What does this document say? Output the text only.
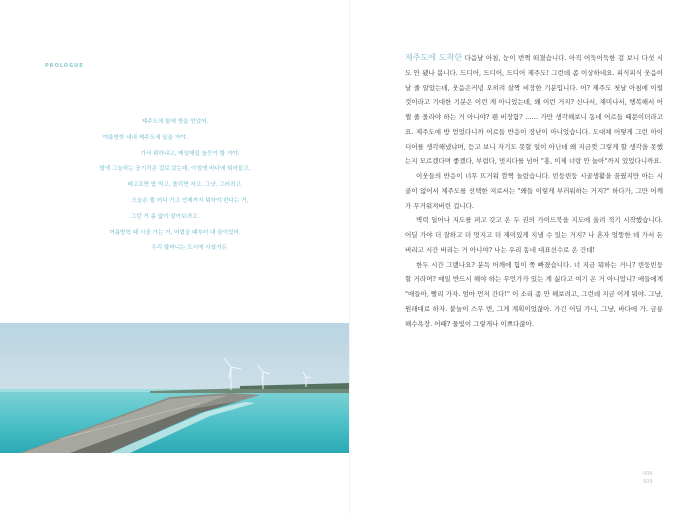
PROLOGUE
제주도에 왔에 방을 얻었어.
여름방학 내내 제주도에 있을 거야.
가서 뭐하냐고, 매일매일 놀듯이 할 거야.
밤에 그늘하는 공기작은 걸로 갔는데, 아침엔 바다에 뛰어들고,
배고프면 밥 먹고, 졸리면 자고, 그냥, 그러려고.
오늘은 뭘 어디 가고 언제까지 뭐하야 한다는 거,
그런 거 좀 없이 살아보려고.
여름방학 때 시골 가는 거, 어렸을 때부터 내 꿈이었어.
우리 할머니는 도시에 사셨거든.

제주도에 도착한 다음날 아침, 눈이 번쩍 떠졌습니다. 아직 어둑어둑한 걸 보니 다섯 시도 안 됐나 봅니다. 드디어, 드디어, 드디어 제주도! 그런데 좀 이상하네요. 피식피식 웃음이 날 줄 알았는데, 웃음은커녕 오히려 살짝 비장한 기분입니다. 어? 제주도 첫날 아침에 이럴 것이라고 기대한 기분은 이런 게 아니었는데, 왜 이런 거지? 신나서, 재미나서, 행복해서 어쩔 줄 몰라야 하는 거 아니야? 웬 비장함? …… 가만 생각해보니 동네 어르들 때문이더라고요. 제주도에 방 얻었다니까 어르들 반응이 장난이 아니었습니다. 도대체 어떻게 그런 아이디어를 생각해냈냐며, 듣고 보니 자기도 못할 일이 아닌데 왜 지금껏 그렇게 할 생각을 못했는지 모르겠다며 좋겠다, 부럽다, 멋지다를 넘어 "홍, 이제 너랑 안 놀아"까지 있었다니까요.

이웃들의 반응이 너무 뜨거워 깜짝 놀랐습니다. 빈둥빈둥 시골생활을 꿈꿨지만 아는 시골이 없어서 제주도를 선택한 저로서는 "왜들 이렇게 부러워하는 거지?" 하다가, 그만 어깨가 무거워져버린 겁니다.

벽력 일어나 지도를 펴고 갖고 온 두 권의 가이드북을 지도에 올려 적기 시작했습니다. 어딜 가야 더 잘하고 더 멋지고 더 재미있게 지낼 수 있는 거지? 나 혼자 엉뚱한 데 가서 돈 버리고 시간 버리는 거 아니야? 나는 우리 동네 대표선수로 온 건데!

한두 시간 그랬나요? 분득 어깨에 힘이 쭉 빠졌습니다. 너 지금 뭐하는 거니? 빈둥빈둥할 거라며? 매일 반드시 해야 하는 무언가가 있는 게 싫다고 여기 온 거 아니었니? 애들에게 "애들아, 빨리 가자. 엄마 먼저 간다!" 이 소리 좀 안 해보려고, 그런데 지금 이게 뭐야. 그냥, 원래대로 하자. 붙놀이 스무 번, 그게 계획이었잖아. 가긴 어딜 가니, 그냥, 바다에 가. 금릉 해수욕장. 어때? 물빛이 그렇게나 이쁘다잖아.

008
009
